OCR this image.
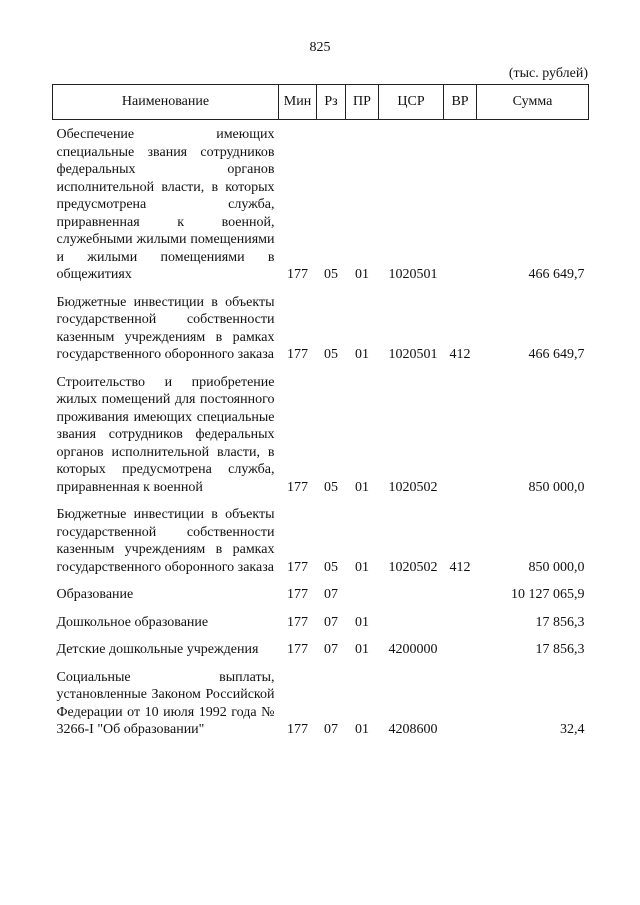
825
(тыс. рублей)
Наименование	Мин	Рз	ПР	ЦСР	ВР	Сумма
Обеспечение имеющих специальные звания сотрудников федеральных органов исполнительной власти, в которых предусмотрена служба, приравненная к военной, служебными жилыми помещениями и жилыми помещениями в общежитиях	177	05	01	1020501		466 649,7
Бюджетные инвестиции в объекты государственной собственности казенным учреждениям в рамках государственного оборонного заказа	177	05	01	1020501	412	466 649,7
Строительство и приобретение жилых помещений для постоянного проживания имеющих специальные звания сотрудников федеральных органов исполнительной власти, в которых предусмотрена служба, приравненная к военной	177	05	01	1020502		850 000,0
Бюджетные инвестиции в объекты государственной собственности казенным учреждениям в рамках государственного оборонного заказа	177	05	01	1020502	412	850 000,0
Образование	177	07				10 127 065,9
Дошкольное образование	177	07	01			17 856,3
Детские дошкольные учреждения	177	07	01	4200000		17 856,3
Социальные выплаты, установленные Законом Российской Федерации от 10 июля 1992 года № 3266-I "Об образовании"	177	07	01	4208600		32,4
